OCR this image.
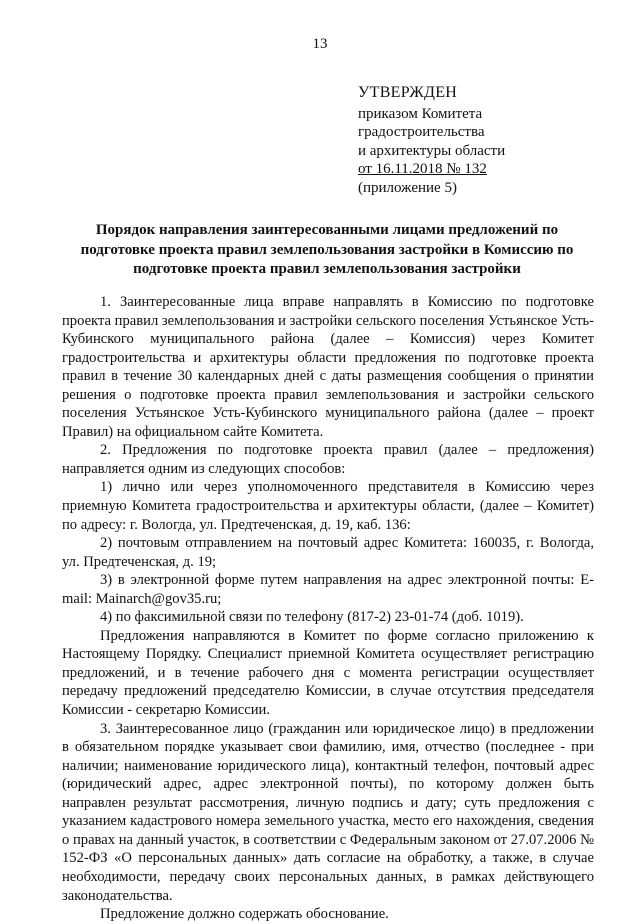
13
УТВЕРЖДЕН
приказом Комитета
градостроительства
и архитектуры области
от 16.11.2018 № 132
(приложение 5)
Порядок направления заинтересованными лицами предложений по
подготовке проекта правил землепользования застройки в Комиссию по
подготовке проекта правил землепользования застройки

1. Заинтересованные лица вправе направлять в Комиссию по подготовке проекта правил землепользования и застройки сельского поселения Устьянское Усть-Кубинского муниципального района (далее – Комиссия) через Комитет градостроительства и архитектуры области предложения по подготовке проекта правил в течение 30 календарных дней с даты размещения сообщения о принятии решения о подготовке проекта правил землепользования и застройки сельского поселения Устьянское Усть-Кубинского муниципального района (далее – проект Правил) на официальном сайте Комитета.

2. Предложения по подготовке проекта правил (далее – предложения) направляется одним из следующих способов:

1) лично или через уполномоченного представителя в Комиссию через приемную Комитета градостроительства и архитектуры области, (далее – Комитет) по адресу: г. Вологда, ул. Предтеченская, д. 19, каб. 136:

2) почтовым отправлением на почтовый адрес Комитета: 160035, г. Вологда, ул. Предтеченская, д. 19;

3) в электронной форме путем направления на адрес электронной почты: E-mail: Mainarch@gov35.ru;

4) по факсимильной связи по телефону (817-2) 23-01-74 (доб. 1019).

Предложения направляются в Комитет по форме согласно приложению к Настоящему Порядку. Специалист приемной Комитета осуществляет регистрацию предложений, и в течение рабочего дня с момента регистрации осуществляет передачу предложений председателю Комиссии, в случае отсутствия председателя Комиссии - секретарю Комиссии.

3. Заинтересованное лицо (гражданин или юридическое лицо) в предложении в обязательном порядке указывает свои фамилию, имя, отчество (последнее - при наличии; наименование юридического лица), контактный телефон, почтовый адрес (юридический адрес, адрес электронной почты), по которому должен быть направлен результат рассмотрения, личную подпись и дату; суть предложения с указанием кадастрового номера земельного участка, место его нахождения, сведения о правах на данный участок, в соответствии с Федеральным законом от 27.07.2006 № 152-ФЗ «О персональных данных» дать согласие на обработку, а также, в случае необходимости, передачу своих персональных данных, в рамках действующего законодательства.

Предложение должно содержать обоснование.
